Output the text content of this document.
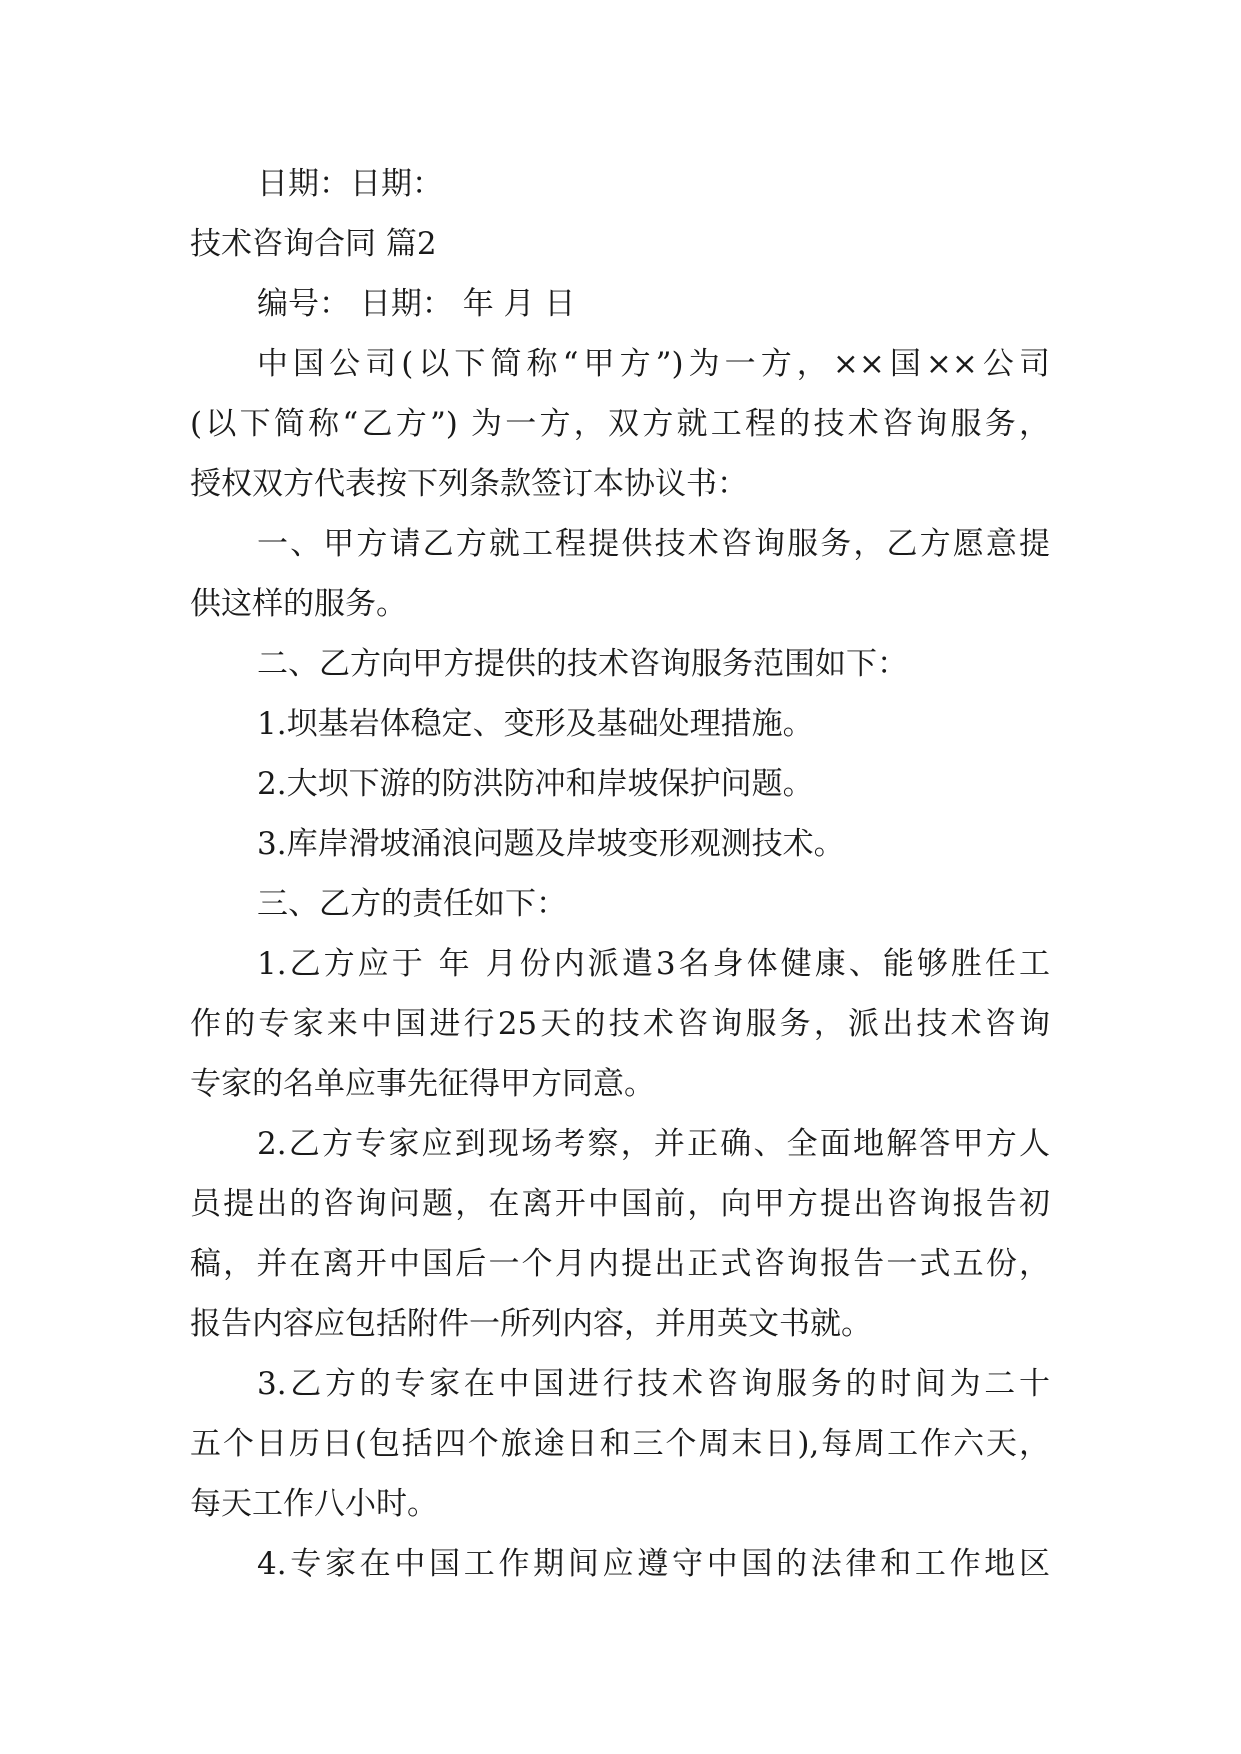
日期：日期：
技术咨询合同 篇2
编号： 日期： 年 月 日
中国公司(以下简称“甲方”)为一方，××国××公司
(以下简称“乙方”) 为一方，双方就工程的技术咨询服务，
授权双方代表按下列条款签订本协议书：
一、甲方请乙方就工程提供技术咨询服务，乙方愿意提
供这样的服务。
二、乙方向甲方提供的技术咨询服务范围如下：
1.坝基岩体稳定、变形及基础处理措施。
2.大坝下游的防洪防冲和岸坡保护问题。
3.库岸滑坡涌浪问题及岸坡变形观测技术。
三、乙方的责任如下：
1.乙方应于 年 月份内派遣3名身体健康、能够胜任工
作的专家来中国进行25天的技术咨询服务，派出技术咨询
专家的名单应事先征得甲方同意。
2.乙方专家应到现场考察，并正确、全面地解答甲方人
员提出的咨询问题，在离开中国前，向甲方提出咨询报告初
稿，并在离开中国后一个月内提出正式咨询报告一式五份，
报告内容应包括附件一所列内容，并用英文书就。
3.乙方的专家在中国进行技术咨询服务的时间为二十
五个日历日(包括四个旅途日和三个周末日),每周工作六天，
每天工作八小时。
4.专家在中国工作期间应遵守中国的法律和工作地区
